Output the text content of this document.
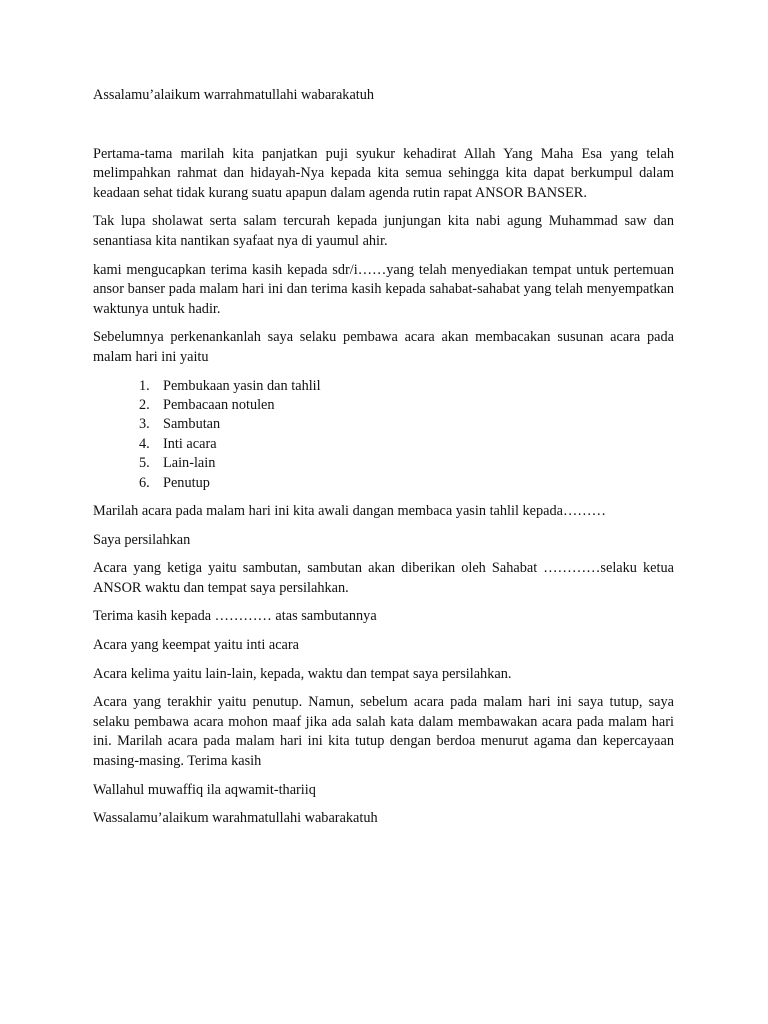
Assalamu’alaikum warrahmatullahi wabarakatuh

Pertama-tama marilah kita panjatkan puji syukur kehadirat Allah Yang Maha Esa yang telah melimpahkan rahmat dan hidayah-Nya kepada kita semua sehingga kita dapat berkumpul dalam keadaan sehat tidak kurang suatu apapun dalam agenda rutin rapat ANSOR BANSER.

Tak lupa sholawat serta salam tercurah kepada junjungan kita nabi agung Muhammad saw dan senantiasa kita nantikan syafaat nya di yaumul ahir.

kami mengucapkan terima kasih kepada sdr/i……yang telah menyediakan tempat untuk pertemuan ansor banser pada malam hari ini dan terima kasih kepada sahabat-sahabat yang telah menyempatkan waktunya untuk hadir.

Sebelumnya perkenankanlah saya selaku pembawa acara akan membacakan susunan acara pada malam hari ini yaitu

1. Pembukaan yasin dan tahlil
2. Pembacaan notulen
3. Sambutan
4. Inti acara
5. Lain-lain
6. Penutup

Marilah acara pada malam hari ini kita awali dangan membaca yasin tahlil kepada………

Saya persilahkan

Acara yang ketiga yaitu sambutan, sambutan akan diberikan oleh Sahabat …………selaku ketua ANSOR waktu dan tempat saya persilahkan.

Terima kasih kepada ………… atas sambutannya

Acara yang keempat yaitu inti acara

Acara kelima yaitu lain-lain, kepada, waktu dan tempat saya persilahkan.

Acara yang terakhir yaitu penutup. Namun, sebelum acara pada malam hari ini saya tutup, saya selaku pembawa acara mohon maaf jika ada salah kata dalam membawakan acara pada malam hari ini. Marilah acara pada malam hari ini kita tutup dengan berdoa menurut agama dan kepercayaan masing-masing. Terima kasih

Wallahul muwaffiq ila aqwamit-thariiq

Wassalamu’alaikum warahmatullahi wabarakatuh
